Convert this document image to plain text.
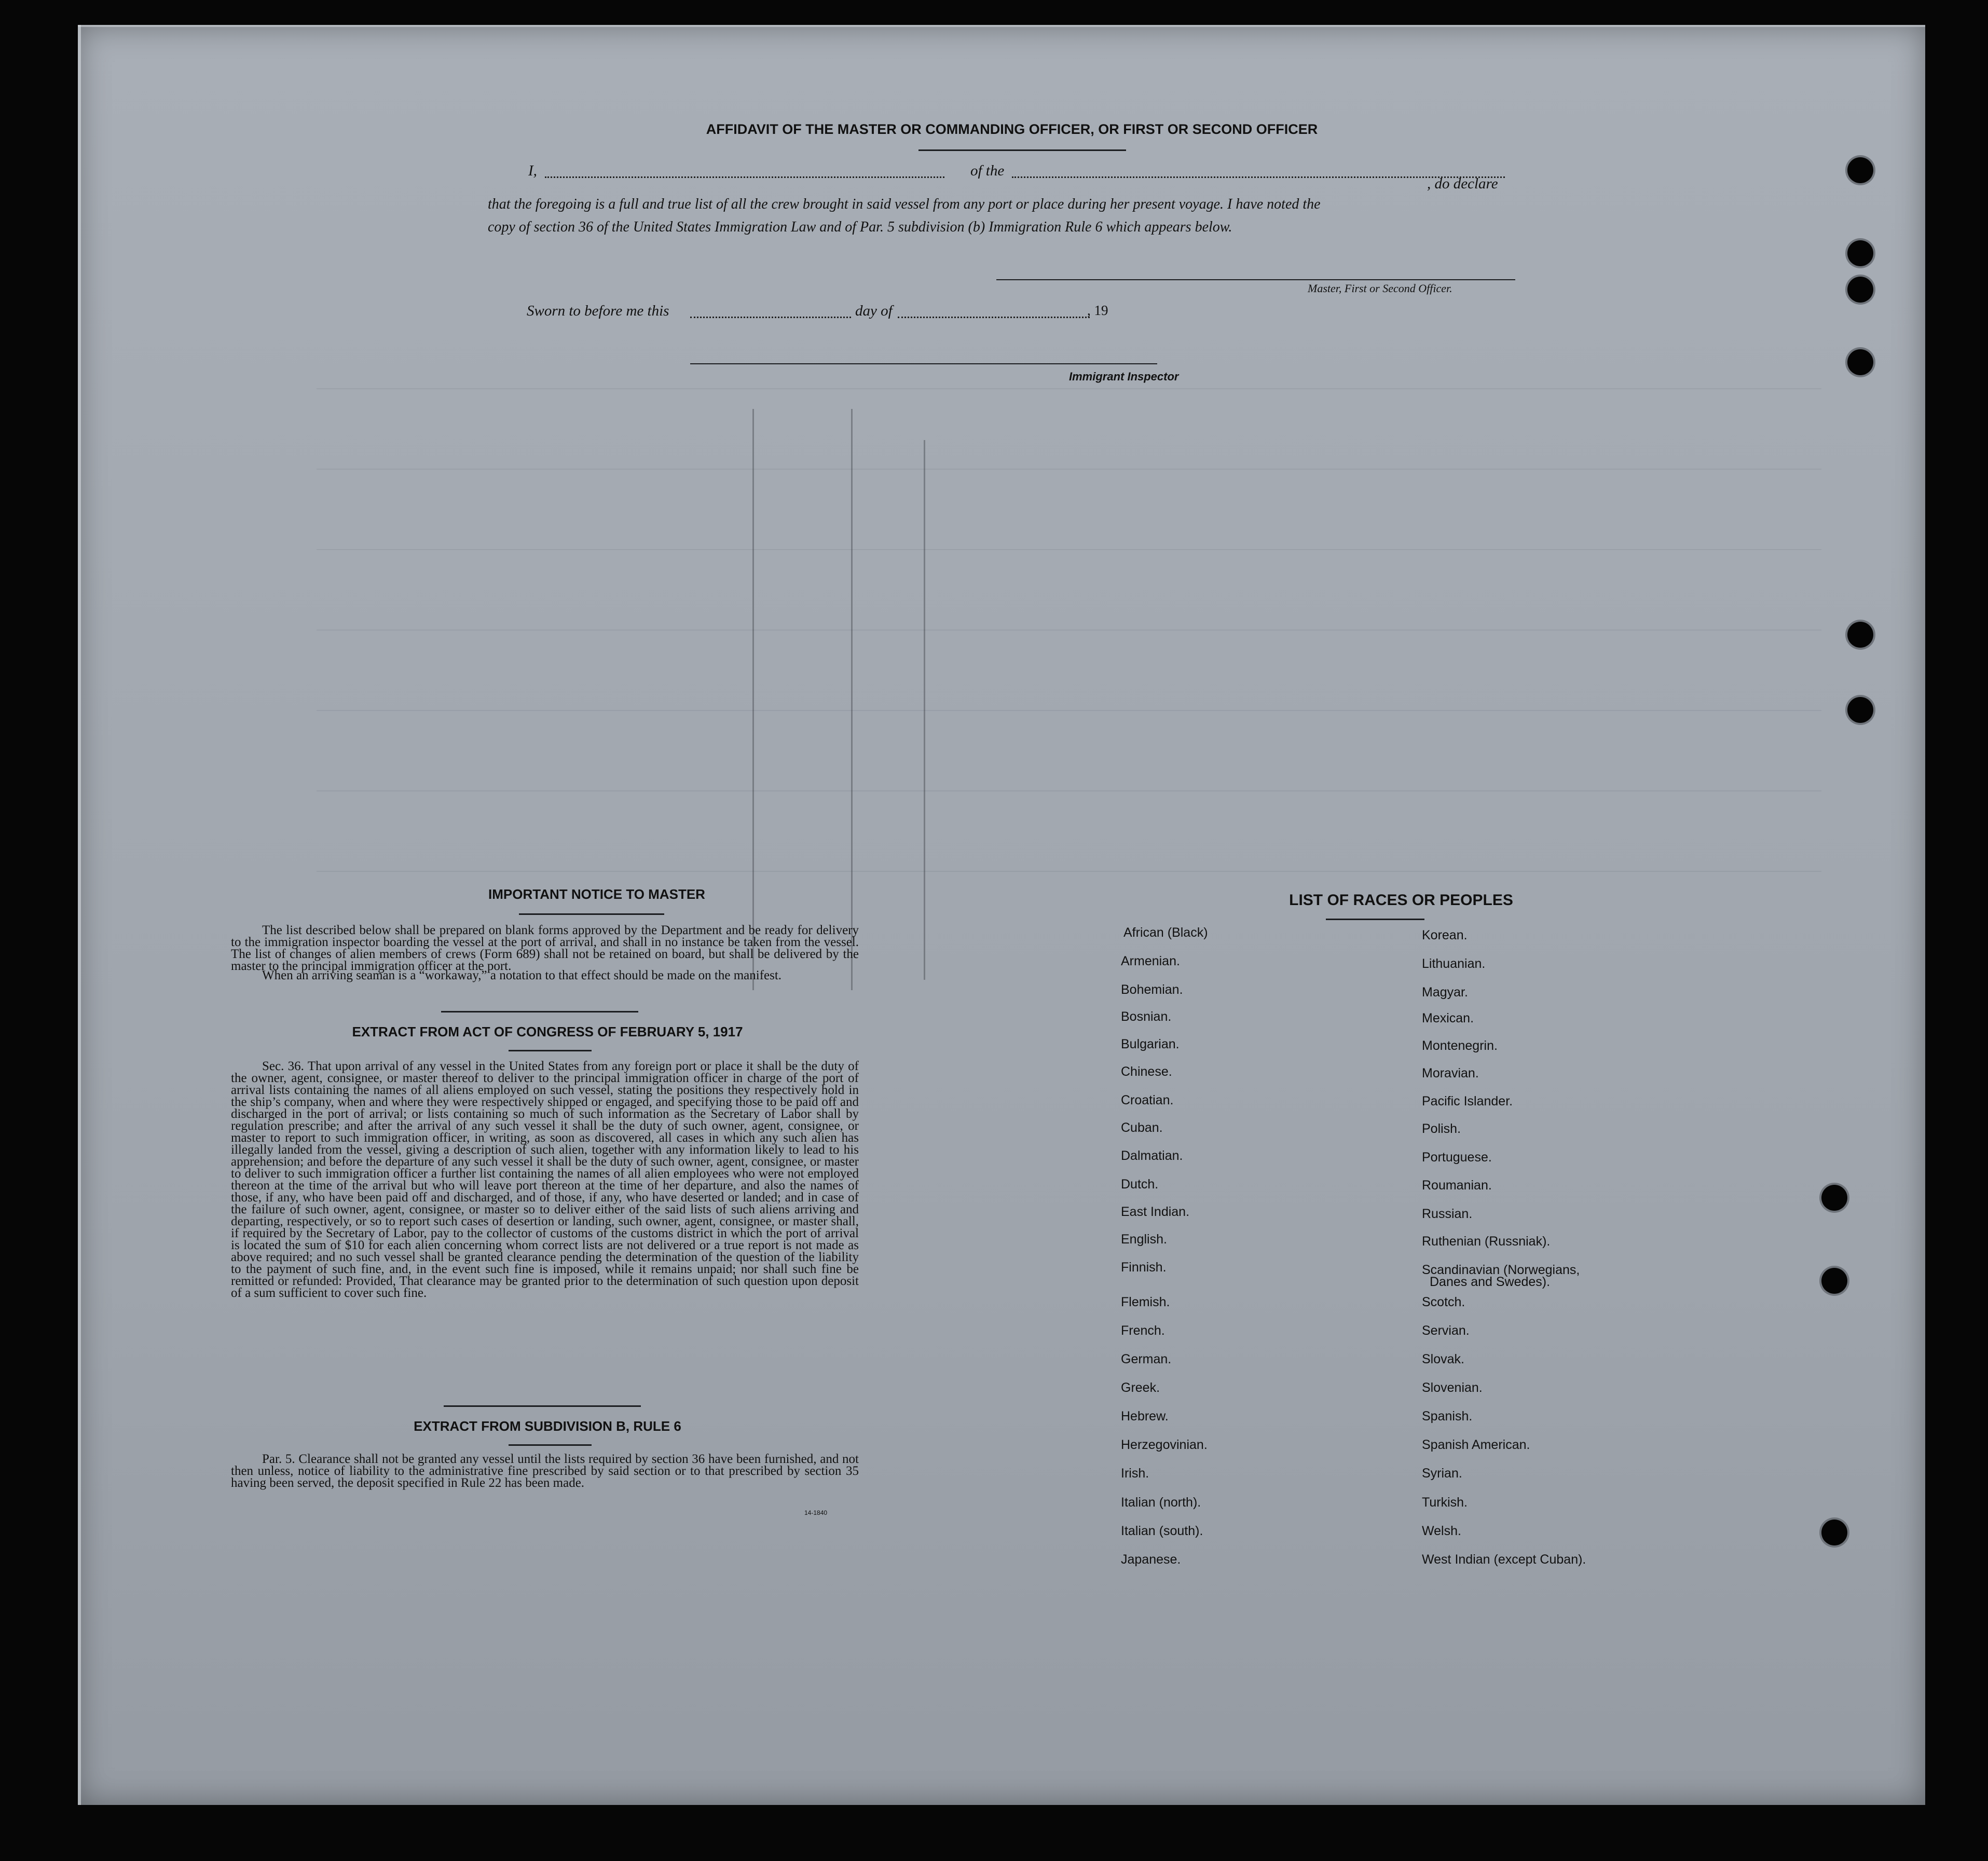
AFFIDAVIT OF THE MASTER OR COMMANDING OFFICER, OR FIRST OR SECOND OFFICER
I,	of the
, do declare
that the foregoing is a full and true list of all the crew brought in said vessel from any port or place during her present voyage. I have noted the
copy of section 36 of the United States Immigration Law and of Par. 5 subdivision (b) Immigration Rule 6 which appears below.
Master, First or Second Officer.
Sworn to before me this	day of	, 19
Immigrant Inspector
IMPORTANT NOTICE TO MASTER
The list described below shall be prepared on blank forms approved by the Department and be ready for delivery to the immigration inspector boarding the vessel at the port of arrival, and shall in no instance be taken from the vessel. The list of changes of alien members of crews (Form 689) shall not be retained on board, but shall be delivered by the master to the principal immigration officer at the port.
When an arriving seaman is a “workaway,” a notation to that effect should be made on the manifest.
EXTRACT FROM ACT OF CONGRESS OF FEBRUARY 5, 1917
Sec. 36. That upon arrival of any vessel in the United States from any foreign port or place it shall be the duty of the owner, agent, consignee, or master thereof to deliver to the principal immigration officer in charge of the port of arrival lists containing the names of all aliens employed on such vessel, stating the positions they respectively hold in the ship’s company, when and where they were respectively shipped or engaged, and specifying those to be paid off and discharged in the port of arrival; or lists containing so much of such information as the Secretary of Labor shall by regulation prescribe; and after the arrival of any such vessel it shall be the duty of such owner, agent, consignee, or master to report to such immigration officer, in writing, as soon as discovered, all cases in which any such alien has illegally landed from the vessel, giving a description of such alien, together with any information likely to lead to his apprehension; and before the departure of any such vessel it shall be the duty of such owner, agent, consignee, or master to deliver to such immigration officer a further list containing the names of all alien employees who were not employed thereon at the time of the arrival but who will leave port thereon at the time of her departure, and also the names of those, if any, who have been paid off and discharged, and of those, if any, who have deserted or landed; and in case of the failure of such owner, agent, consignee, or master so to deliver either of the said lists of such aliens arriving and departing, respectively, or so to report such cases of desertion or landing, such owner, agent, consignee, or master shall, if required by the Secretary of Labor, pay to the collector of customs of the customs district in which the port of arrival is located the sum of $10 for each alien concerning whom correct lists are not delivered or a true report is not made as above required; and no such vessel shall be granted clearance pending the determination of the question of the liability to the payment of such fine, and, in the event such fine is imposed, while it remains unpaid; nor shall such fine be remitted or refunded: Provided, That clearance may be granted prior to the determination of such question upon deposit of a sum sufficient to cover such fine.
EXTRACT FROM SUBDIVISION B, RULE 6
Par. 5. Clearance shall not be granted any vessel until the lists required by section 36 have been furnished, and not then unless, notice of liability to the administrative fine prescribed by said section or to that prescribed by section 35 having been served, the deposit specified in Rule 22 has been made.
14-1840
LIST OF RACES OR PEOPLES
African (Black)
Armenian.
Bohemian.
Bosnian.
Bulgarian.
Chinese.
Croatian.
Cuban.
Dalmatian.
Dutch.
East Indian.
English.
Finnish.
Flemish.
French.
German.
Greek.
Hebrew.
Herzegovinian.
Irish.
Italian (north).
Italian (south).
Japanese.
Korean.
Lithuanian.
Magyar.
Mexican.
Montenegrin.
Moravian.
Pacific Islander.
Polish.
Portuguese.
Roumanian.
Russian.
Ruthenian (Russniak).
Scandinavian (Norwegians,
Danes and Swedes).
Scotch.
Servian.
Slovak.
Slovenian.
Spanish.
Spanish American.
Syrian.
Turkish.
Welsh.
West Indian (except Cuban).
